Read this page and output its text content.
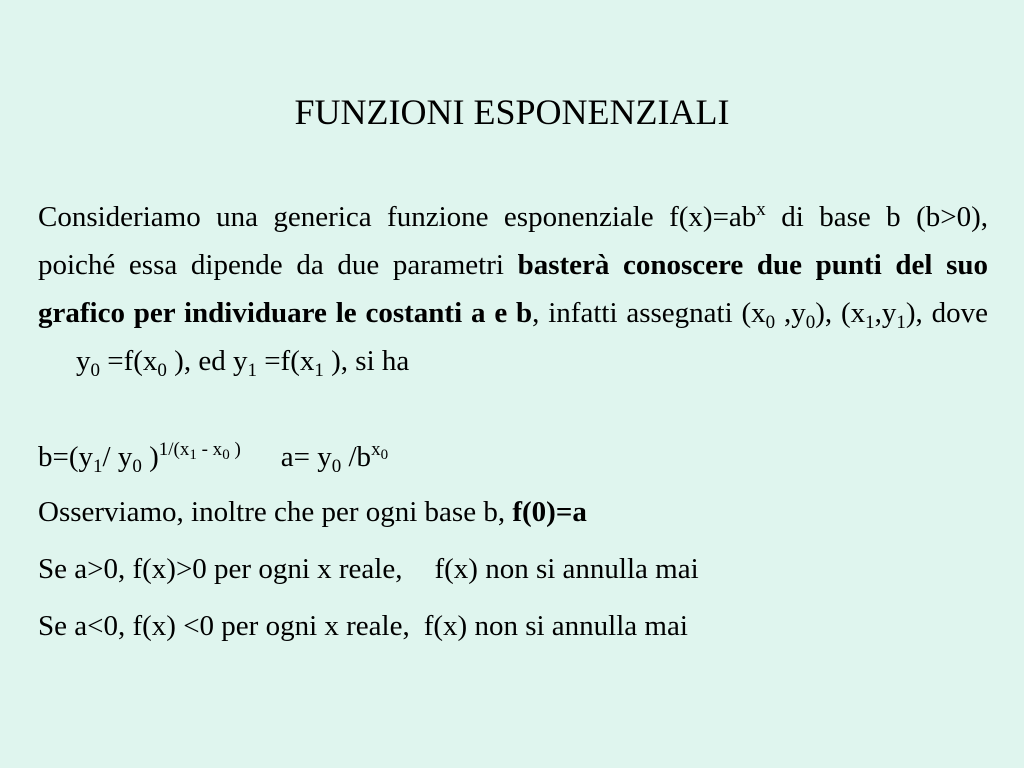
FUNZIONI ESPONENZIALI

Consideriamo una generica funzione esponenziale $f(x)=ab^x$ di base b (b>0), poiché essa dipende da due parametri basterà conoscere due punti del suo grafico per individuare le costanti a e b, infatti assegnati ($x_0$ $,y_0$), $(x_1,y_1)$, dovey$_0$ $=f(x_0$ ), ed $y_1 =f(x_1$ ), si ha

$b=(y_1/$ $y_0$ )$^{1/(x_1 - x_0 )}$ $a= y_0$ $/b^{x_0}$

Osserviamo, inoltre che per ogni base b, f(0)=a

Se a>0, f(x)>0 per ogni x reale, f(x) non si annulla mai

Se a<0, f(x) <0 per ogni x reale, f(x) non si annulla mai
